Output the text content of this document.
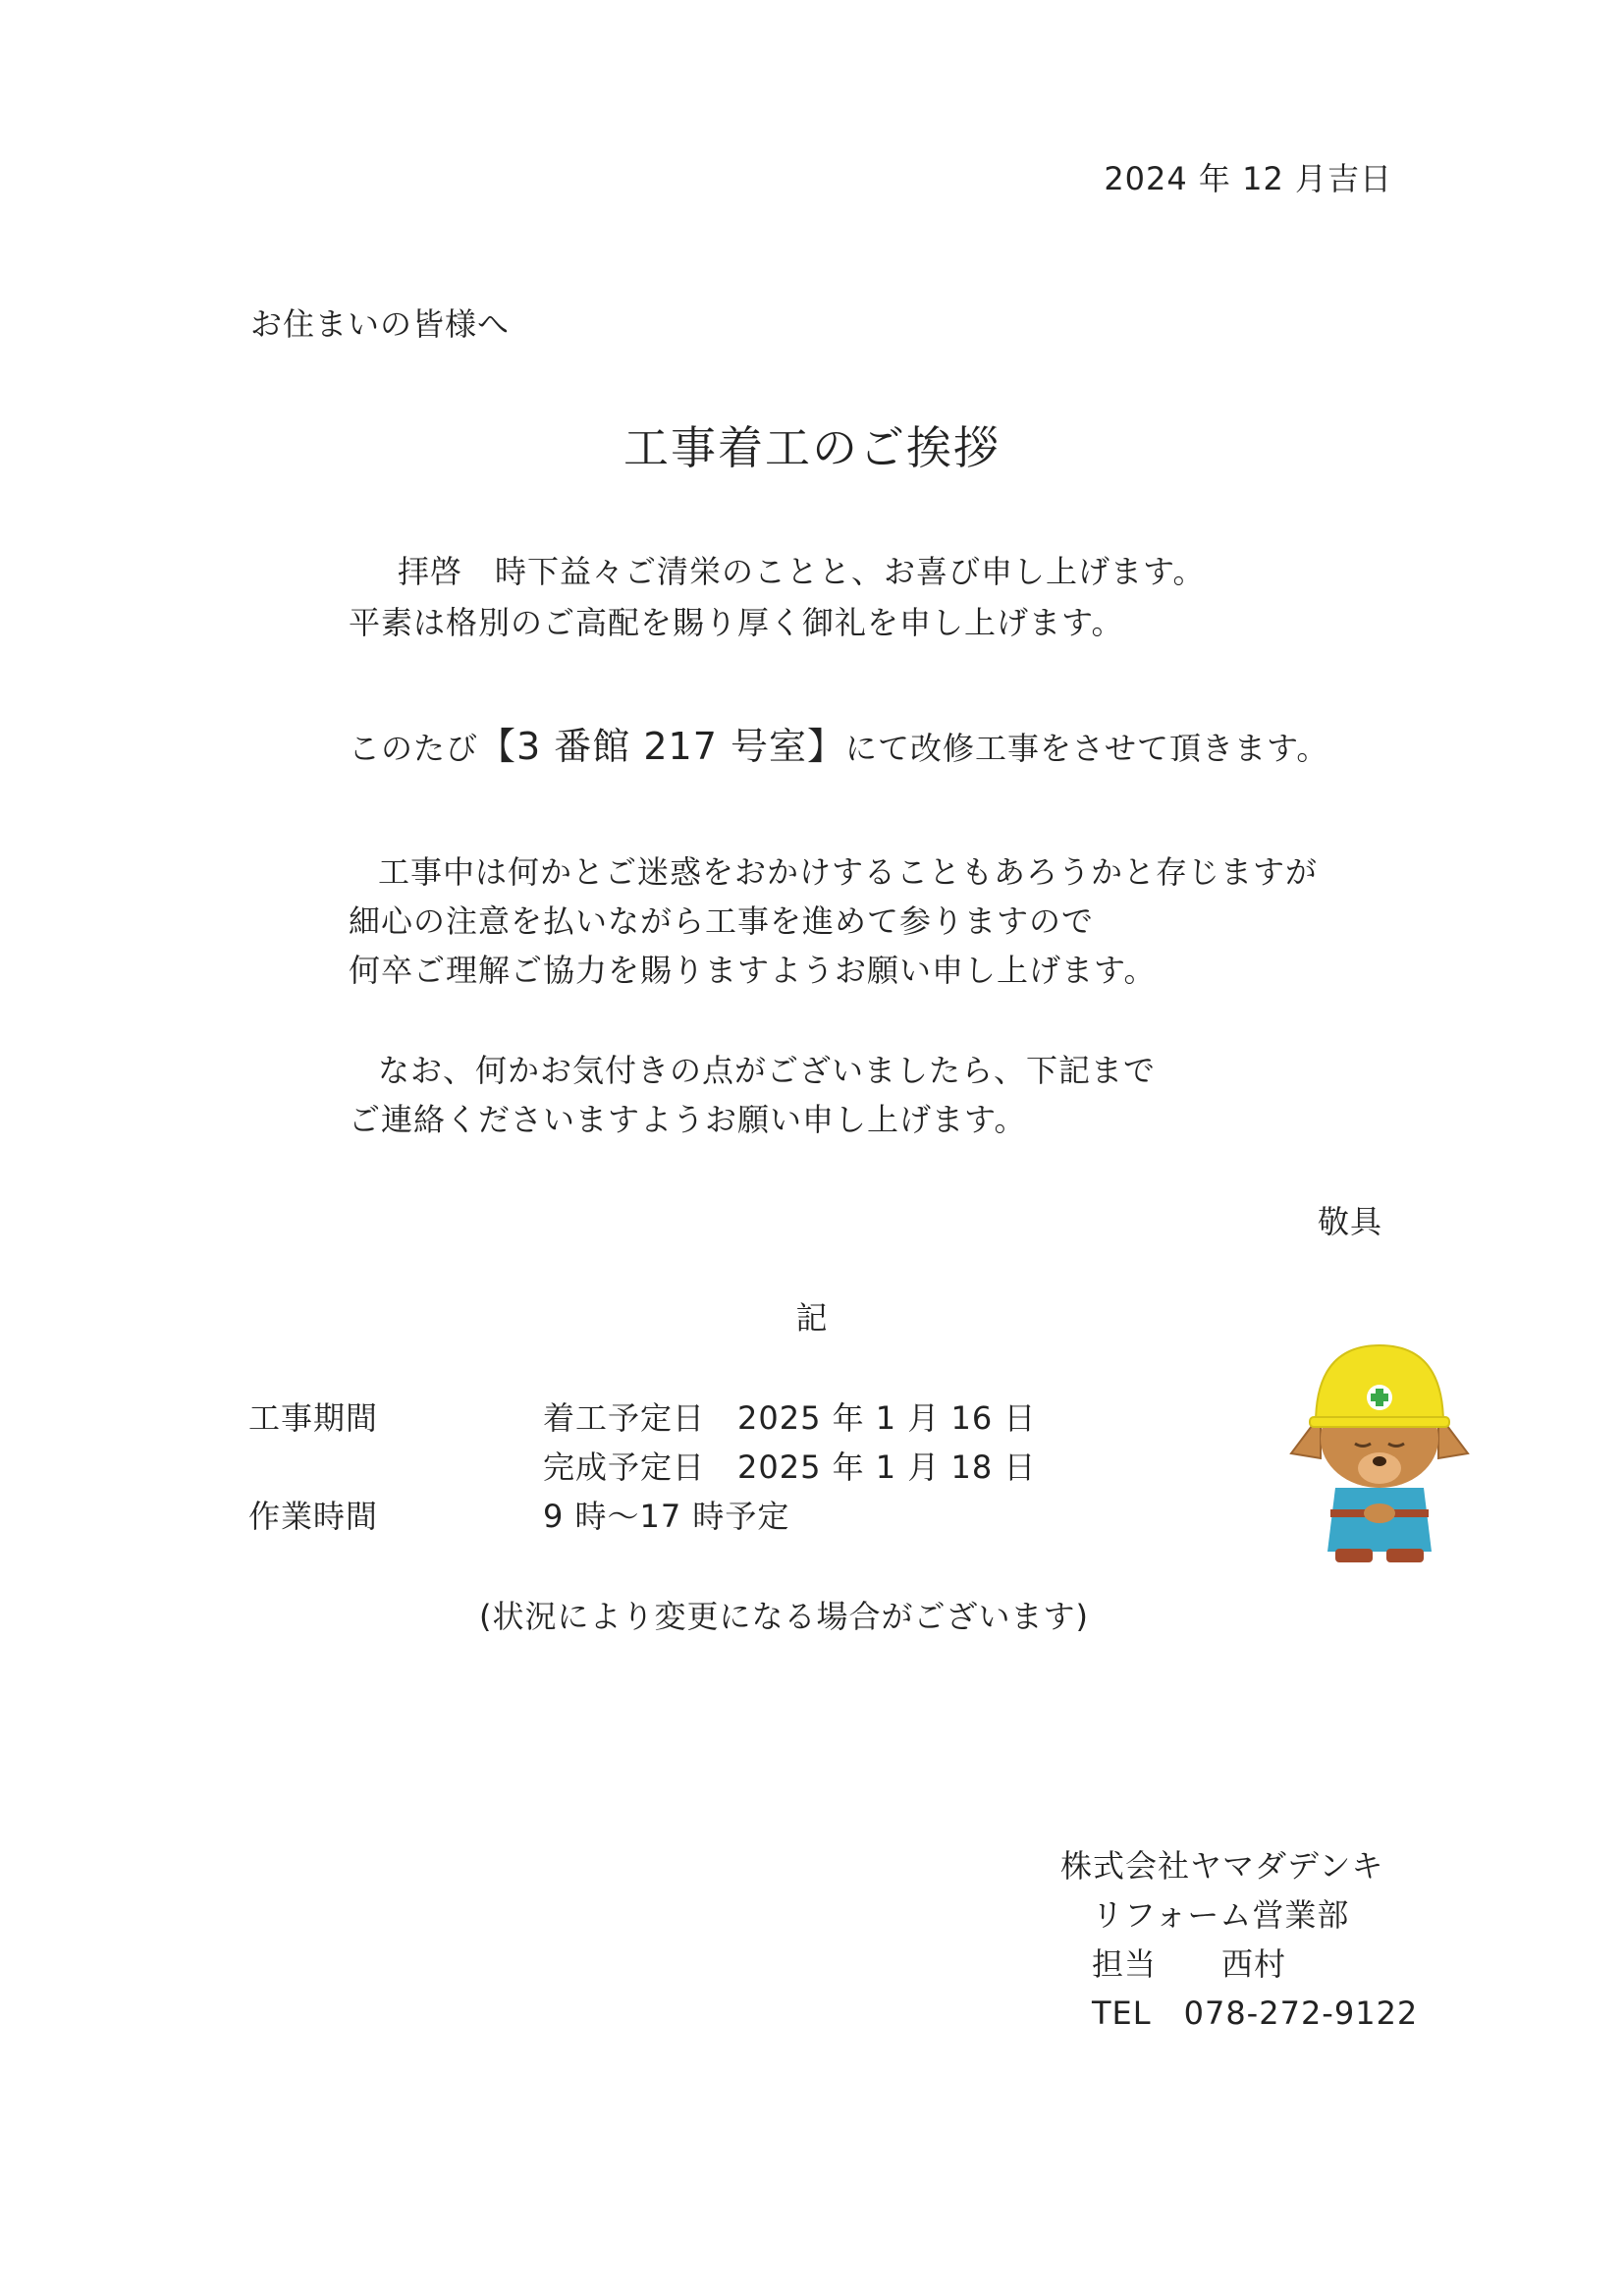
2024 年 12 月吉日
お住まいの皆様へ
工事着工のご挨拶
拝啓　時下益々ご清栄のことと、お喜び申し上げます。
平素は格別のご高配を賜り厚く御礼を申し上げます。
このたび【3 番館 217 号室】にて改修工事をさせて頂きます。
工事中は何かとご迷惑をおかけすることもあろうかと存じますが
細心の注意を払いながら工事を進めて参りますので
何卒ご理解ご協力を賜りますようお願い申し上げます。
なお、何かお気付きの点がございましたら、下記まで
ご連絡くださいますようお願い申し上げます。
敬具
記
工事期間	着工予定日　2025 年 1 月 16 日
完成予定日　2025 年 1 月 18 日
作業時間	9 時～17 時予定
(状況により変更になる場合がございます)
株式会社ヤマダデンキ
リフォーム営業部
担当　　西村
TEL　078-272-9122
